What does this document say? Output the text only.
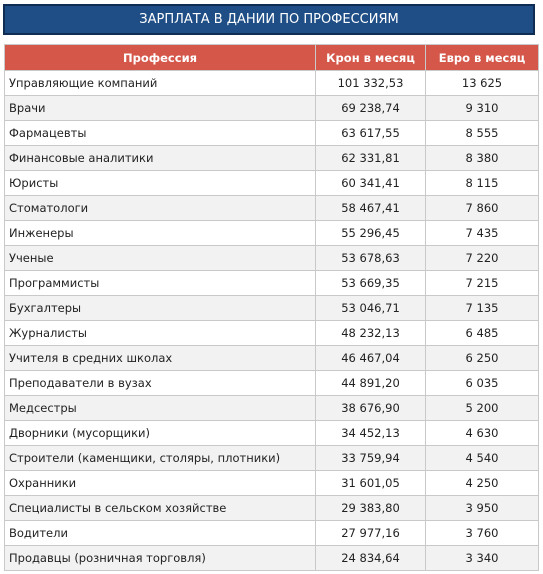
ЗАРПЛАТА В ДАНИИ ПО ПРОФЕССИЯМ
Профессия	Крон в месяц	Евро в месяц
Управляющие компаний	101 332,53	13 625
Врачи	69 238,74	9 310
Фармацевты	63 617,55	8 555
Финансовые аналитики	62 331,81	8 380
Юристы	60 341,41	8 115
Стоматологи	58 467,41	7 860
Инженеры	55 296,45	7 435
Ученые	53 678,63	7 220
Программисты	53 669,35	7 215
Бухгалтеры	53 046,71	7 135
Журналисты	48 232,13	6 485
Учителя в средних школах	46 467,04	6 250
Преподаватели в вузах	44 891,20	6 035
Медсестры	38 676,90	5 200
Дворники (мусорщики)	34 452,13	4 630
Строители (каменщики, столяры, плотники)	33 759,94	4 540
Охранники	31 601,05	4 250
Специалисты в сельском хозяйстве	29 383,80	3 950
Водители	27 977,16	3 760
Продавцы (розничная торговля)	24 834,64	3 340
